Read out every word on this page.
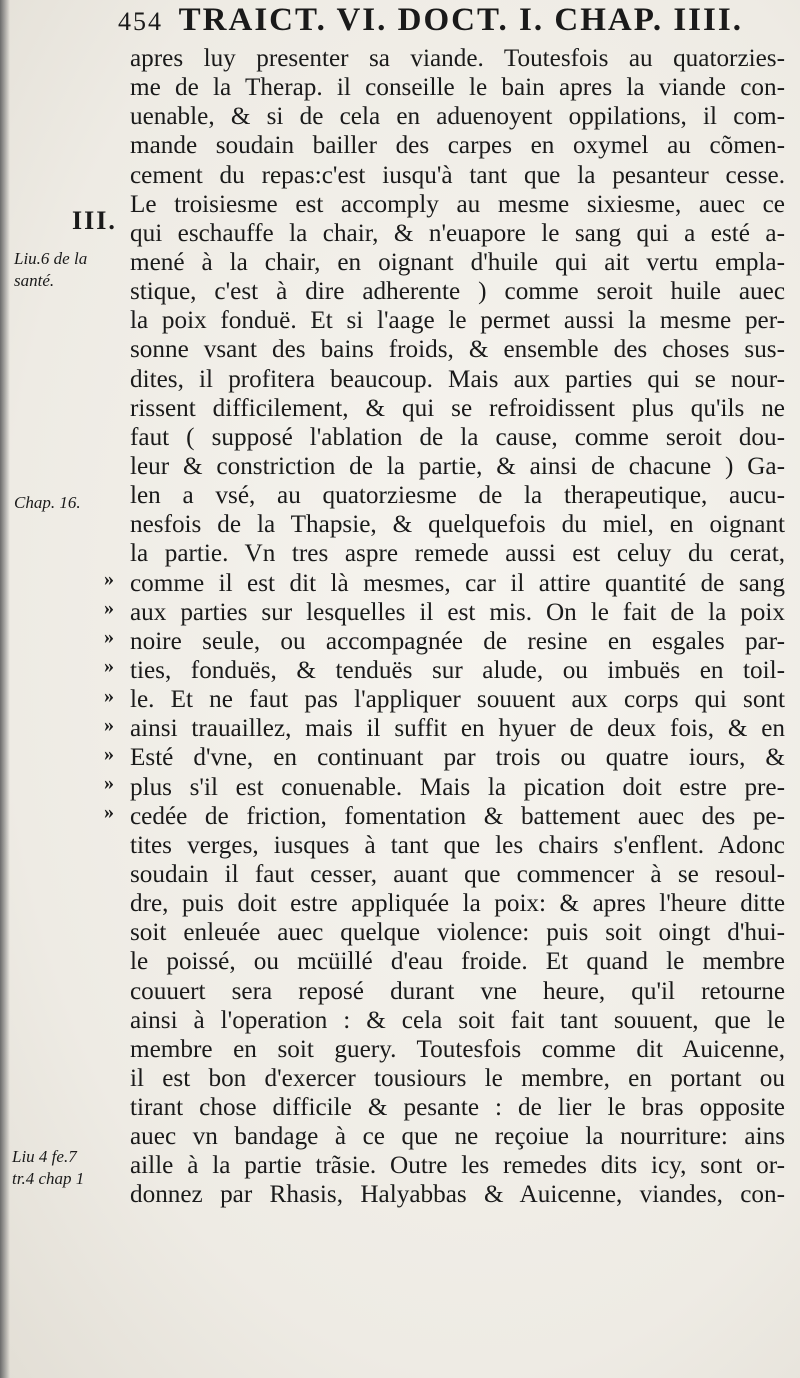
454 TRAICT. VI. DOCT. I. CHAP. IIII.
III.
Liu.6 de la
santé.
Chap. 16.
Liu 4 fe.7
tr.4 chap 1
»
»
»
»
»
»
»
»
»
apres luy presenter sa viande. Toutesfois au quatorzies-
me de la Therap. il conseille le bain apres la viande con-
uenable, & si de cela en aduenoyent oppilations, il com-
mande soudain bailler des carpes en oxymel au cõmen-
cement du repas:c'est iusqu'à tant que la pesanteur cesse.
Le troisiesme est accomply au mesme sixiesme, auec ce
qui eschauffe la chair, & n'euapore le sang qui a esté a-
mené à la chair, en oignant d'huile qui ait vertu empla-
stique, c'est à dire adherente ) comme seroit huile auec
la poix fonduë. Et si l'aage le permet aussi la mesme per-
sonne vsant des bains froids, & ensemble des choses sus-
dites, il profitera beaucoup. Mais aux parties qui se nour-
rissent difficilement, & qui se refroidissent plus qu'ils ne
faut ( supposé l'ablation de la cause, comme seroit dou-
leur & constriction de la partie, & ainsi de chacune ) Ga-
len a vsé, au quatorziesme de la therapeutique, aucu-
nesfois de la Thapsie, & quelquefois du miel, en oignant
la partie. Vn tres aspre remede aussi est celuy du cerat,
comme il est dit là mesmes, car il attire quantité de sang
aux parties sur lesquelles il est mis. On le fait de la poix
noire seule, ou accompagnée de resine en esgales par-
ties, fonduës, & tenduës sur alude, ou imbuës en toil-
le. Et ne faut pas l'appliquer souuent aux corps qui sont
ainsi trauaillez, mais il suffit en hyuer de deux fois, & en
Esté d'vne, en continuant par trois ou quatre iours, &
plus s'il est conuenable. Mais la pication doit estre pre-
cedée de friction, fomentation & battement auec des pe-
tites verges, iusques à tant que les chairs s'enflent. Adonc
soudain il faut cesser, auant que commencer à se resoul-
dre, puis doit estre appliquée la poix: & apres l'heure ditte
soit enleuée auec quelque violence: puis soit oingt d'hui-
le poissé, ou mcüillé d'eau froide. Et quand le membre
couuert sera reposé durant vne heure, qu'il retourne
ainsi à l'operation : & cela soit fait tant souuent, que le
membre en soit guery. Toutesfois comme dit Auicenne,
il est bon d'exercer tousiours le membre, en portant ou
tirant chose difficile & pesante : de lier le bras opposite
auec vn bandage à ce que ne reçoiue la nourriture: ains
aille à la partie trãsie. Outre les remedes dits icy, sont or-
donnez par Rhasis, Halyabbas & Auicenne, viandes, con-
